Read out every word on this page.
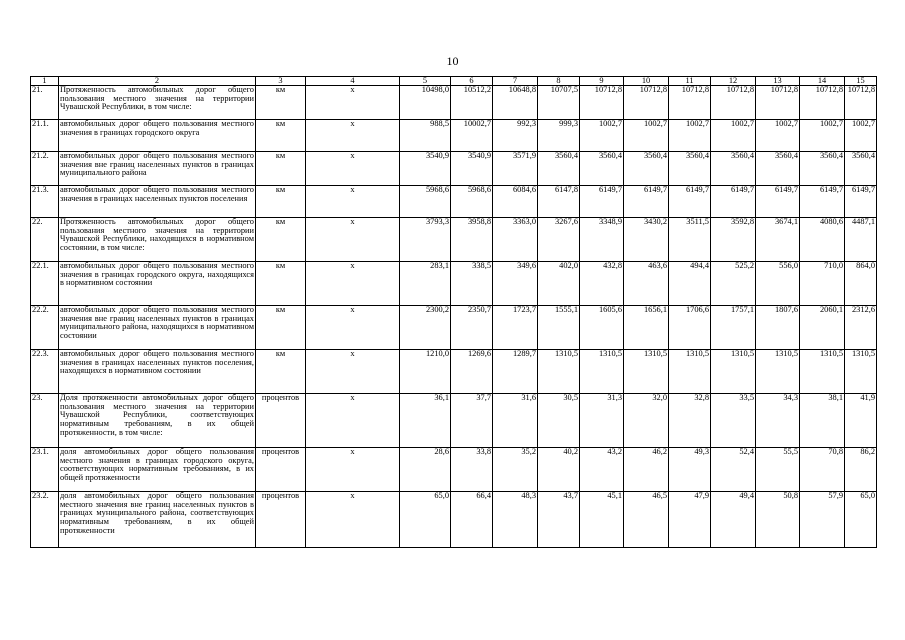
10
1	2	3	4	5	6	7	8	9	10	11	12	13	14	15
21.	Протяженность автомобильных дорог общего пользования местного значения на территории Чувашской Республики, в том числе:	км	x	10498,0	10512,2	10648,8	10707,5	10712,8	10712,8	10712,8	10712,8	10712,8	10712,8	10712,8
21.1.	автомобильных дорог общего пользования местного значения в границах городского округа	км	x	988,5	10002,7	992,3	999,3	1002,7	1002,7	1002,7	1002,7	1002,7	1002,7	1002,7
21.2.	автомобильных дорог общего пользования местного значения вне границ населенных пунктов в границах муниципального района	км	x	3540,9	3540,9	3571,9	3560,4	3560,4	3560,4	3560,4	3560,4	3560,4	3560,4	3560,4
21.3.	автомобильных дорог общего пользования местного значения в границах населенных пунктов поселения	км	x	5968,6	5968,6	6084,6	6147,8	6149,7	6149,7	6149,7	6149,7	6149,7	6149,7	6149,7
22.	Протяженность автомобильных дорог общего пользования местного значения на территории Чувашской Республики, находящихся в нормативном состоянии, в том числе:	км	x	3793,3	3958,8	3363,0	3267,6	3348,9	3430,2	3511,5	3592,8	3674,1	4080,6	4487,1
22.1.	автомобильных дорог общего пользования местного значения в границах городского округа, находящихся в нормативном состоянии	км	x	283,1	338,5	349,6	402,0	432,8	463,6	494,4	525,2	556,0	710,0	864,0
22.2.	автомобильных дорог общего пользования местного значения вне границ населенных пунктов в границах муниципального района, находящихся в нормативном состоянии	км	x	2300,2	2350,7	1723,7	1555,1	1605,6	1656,1	1706,6	1757,1	1807,6	2060,1	2312,6
22.3.	автомобильных дорог общего пользования местного значения в границах населенных пунктов поселения, находящихся в нормативном состоянии	км	x	1210,0	1269,6	1289,7	1310,5	1310,5	1310,5	1310,5	1310,5	1310,5	1310,5	1310,5
23.	Доля протяженности автомобильных дорог общего пользования местного значения на территории Чувашской Республики, соответствующих нормативным требованиям, в их общей протяженности, в том числе:	процентов	x	36,1	37,7	31,6	30,5	31,3	32,0	32,8	33,5	34,3	38,1	41,9
23.1.	доля автомобильных дорог общего пользования местного значения в границах городского округа, соответствующих нормативным требованиям, в их общей протяженности	процентов	x	28,6	33,8	35,2	40,2	43,2	46,2	49,3	52,4	55,5	70,8	86,2
23.2.	доля автомобильных дорог общего пользования местного значения вне границ населенных пунктов в границах муниципального района, соответствующих нормативным требованиям, в их общей протяженности	процентов	x	65,0	66,4	48,3	43,7	45,1	46,5	47,9	49,4	50,8	57,9	65,0
